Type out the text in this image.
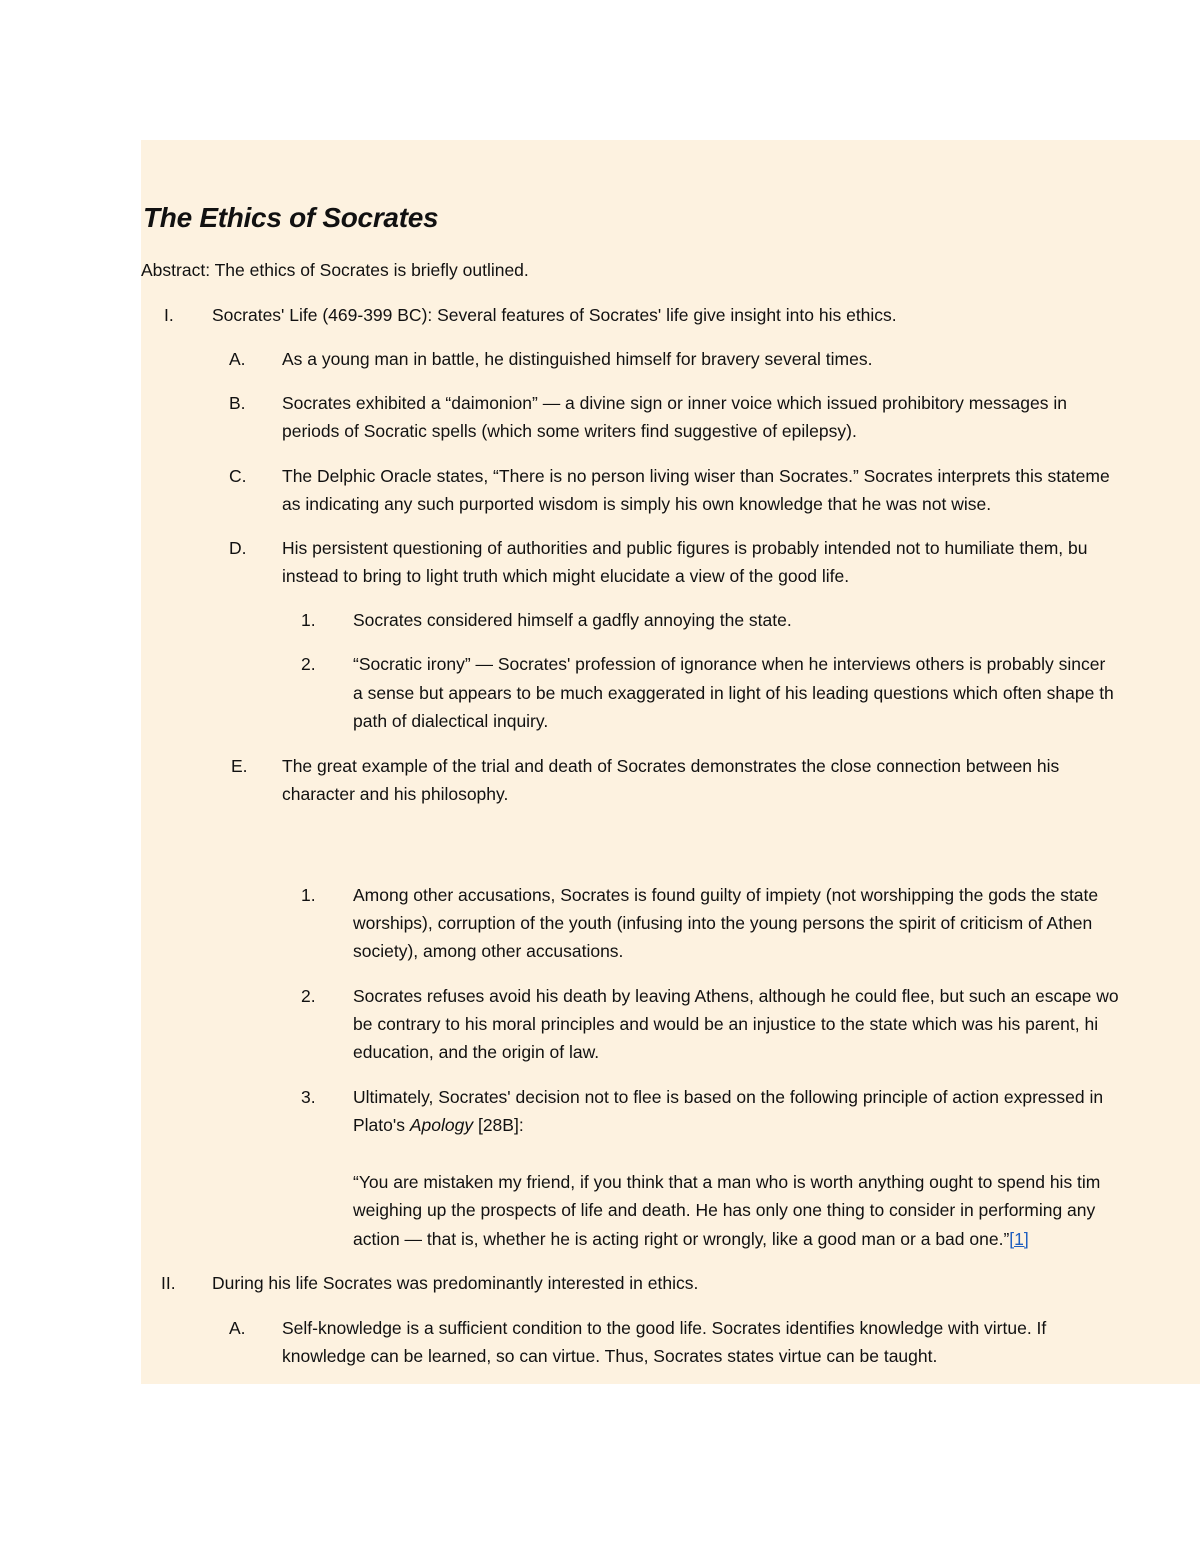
The Ethics of Socrates
Abstract: The ethics of Socrates is briefly outlined.
I. Socrates' Life (469-399 BC): Several features of Socrates' life give insight into his ethics.
A. As a young man in battle, he distinguished himself for bravery several times.
B. Socrates exhibited a “daimonion” — a divine sign or inner voice which issued prohibitory messages in
periods of Socratic spells (which some writers find suggestive of epilepsy).
C. The Delphic Oracle states, “There is no person living wiser than Socrates.” Socrates interprets this stateme
as indicating any such purported wisdom is simply his own knowledge that he was not wise.
D. His persistent questioning of authorities and public figures is probably intended not to humiliate them, bu
instead to bring to light truth which might elucidate a view of the good life.
1. Socrates considered himself a gadfly annoying the state.
2. “Socratic irony” — Socrates' profession of ignorance when he interviews others is probably sincer
a sense but appears to be much exaggerated in light of his leading questions which often shape th
path of dialectical inquiry.
E. The great example of the trial and death of Socrates demonstrates the close connection between his
character and his philosophy.
1. Among other accusations, Socrates is found guilty of impiety (not worshipping the gods the state
worships), corruption of the youth (infusing into the young persons the spirit of criticism of Athen
society), among other accusations.
2. Socrates refuses avoid his death by leaving Athens, although he could flee, but such an escape wo
be contrary to his moral principles and would be an injustice to the state which was his parent, hi
education, and the origin of law.
3. Ultimately, Socrates' decision not to flee is based on the following principle of action expressed in
Plato's Apology [28B]:
“You are mistaken my friend, if you think that a man who is worth anything ought to spend his tim
weighing up the prospects of life and death. He has only one thing to consider in performing any
action — that is, whether he is acting right or wrongly, like a good man or a bad one.”[1]
II. During his life Socrates was predominantly interested in ethics.
A. Self-knowledge is a sufficient condition to the good life. Socrates identifies knowledge with virtue. If
knowledge can be learned, so can virtue. Thus, Socrates states virtue can be taught.
